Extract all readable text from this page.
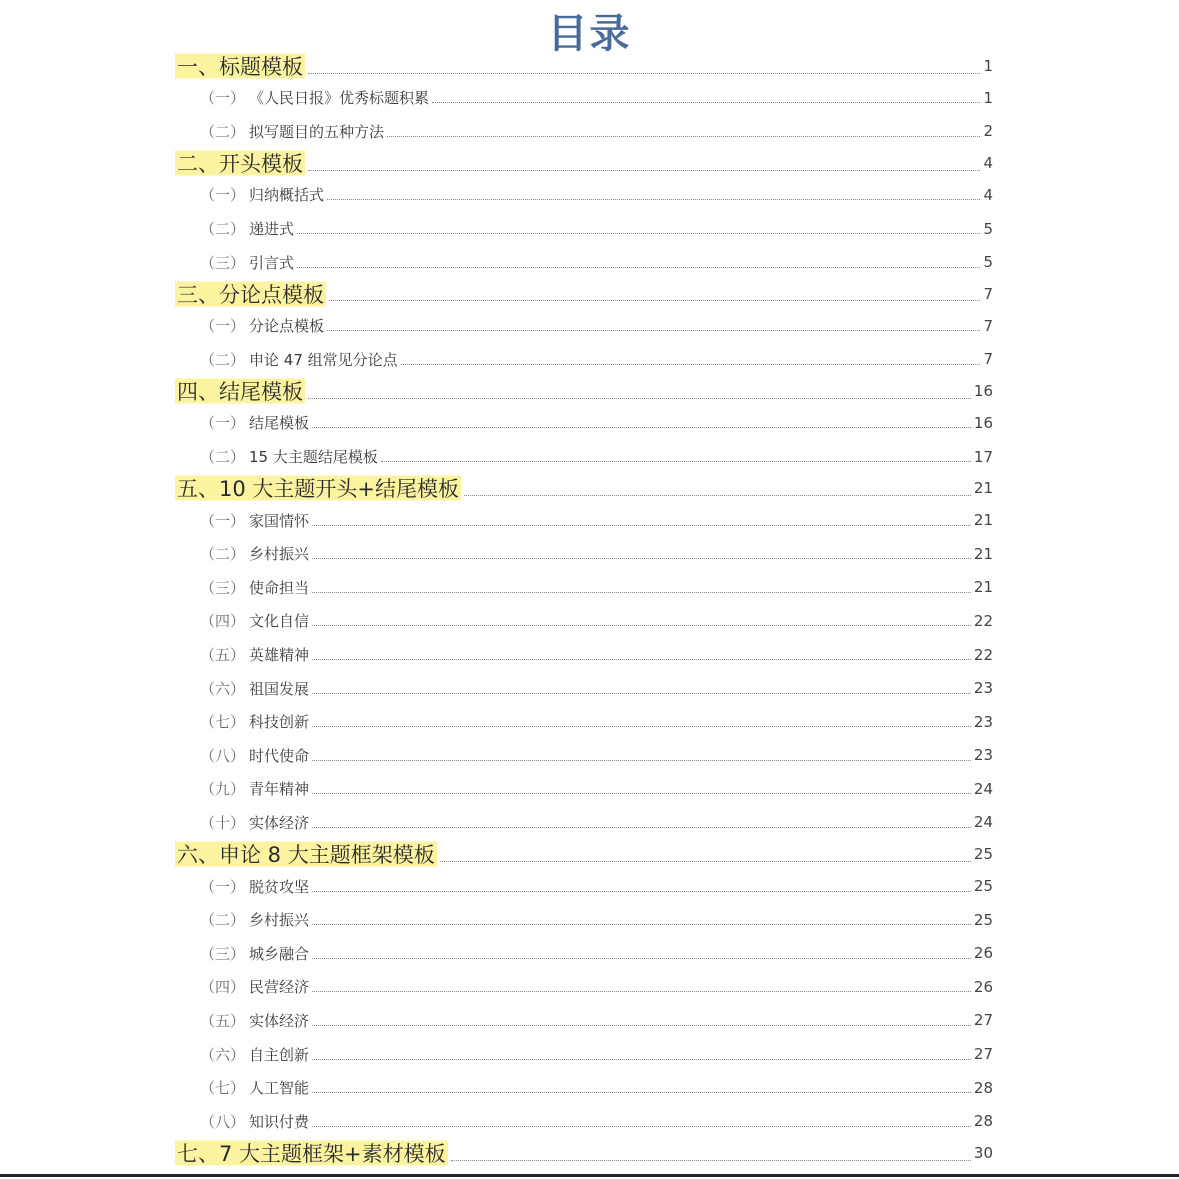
目录
一、标题模板	1
（一） 《人民日报》优秀标题积累	1
（二） 拟写题目的五种方法	2
二、开头模板	4
（一） 归纳概括式	4
（二） 递进式	5
（三） 引言式	5
三、分论点模板	7
（一） 分论点模板	7
（二） 申论 47 组常见分论点	7
四、结尾模板	16
（一） 结尾模板	16
（二） 15 大主题结尾模板	17
五、10 大主题开头+结尾模板	21
（一） 家国情怀	21
（二） 乡村振兴	21
（三） 使命担当	21
（四） 文化自信	22
（五） 英雄精神	22
（六） 祖国发展	23
（七） 科技创新	23
（八） 时代使命	23
（九） 青年精神	24
（十） 实体经济	24
六、申论 8 大主题框架模板	25
（一） 脱贫攻坚	25
（二） 乡村振兴	25
（三） 城乡融合	26
（四） 民营经济	26
（五） 实体经济	27
（六） 自主创新	27
（七） 人工智能	28
（八） 知识付费	28
七、7 大主题框架+素材模板	30
